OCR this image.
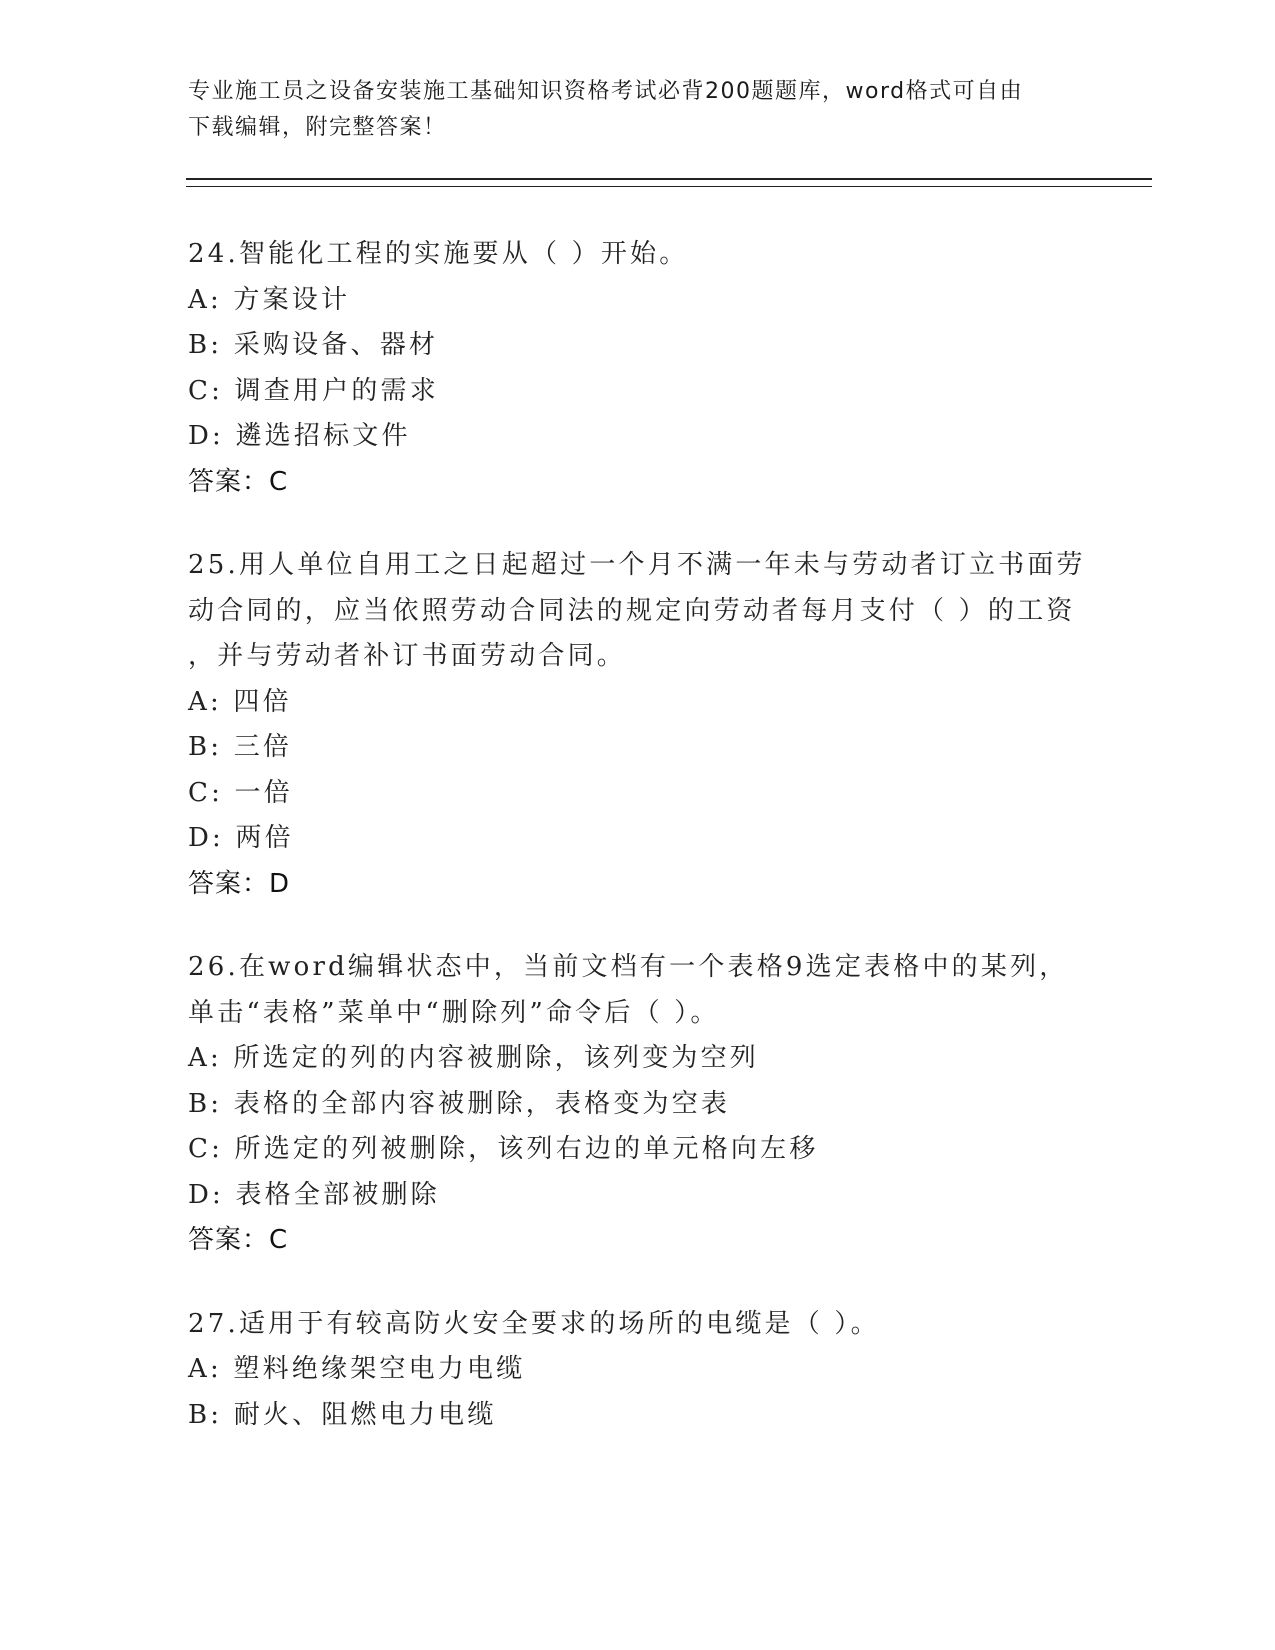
专业施工员之设备安装施工基础知识资格考试必背200题题库，word格式可自由
下载编辑，附完整答案！
24.智能化工程的实施要从（ ）开始。
A: 方案设计
B: 采购设备、器材
C: 调查用户的需求
D: 遴选招标文件
答案：C
25.用人单位自用工之日起超过一个月不满一年未与劳动者订立书面劳
动合同的，应当依照劳动合同法的规定向劳动者每月支付（ ）的工资
，并与劳动者补订书面劳动合同。
A: 四倍
B: 三倍
C: 一倍
D: 两倍
答案：D
26.在word编辑状态中，当前文档有一个表格9选定表格中的某列，
单击“表格”菜单中“删除列”命令后（ ）。
A: 所选定的列的内容被删除，该列变为空列
B: 表格的全部内容被删除，表格变为空表
C: 所选定的列被删除，该列右边的单元格向左移
D: 表格全部被删除
答案：C
27.适用于有较高防火安全要求的场所的电缆是（ ）。
A: 塑料绝缘架空电力电缆
B: 耐火、阻燃电力电缆
